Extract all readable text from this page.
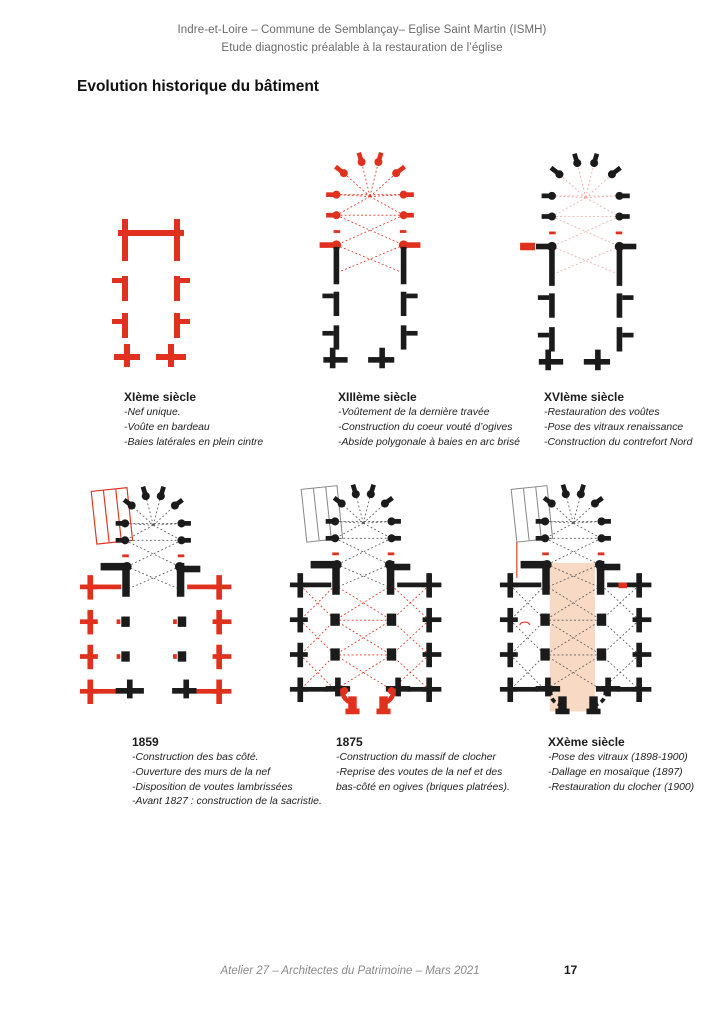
Indre-et-Loire – Commune de Semblançay– Eglise Saint Martin (ISMH)
Etude diagnostic préalable à la restauration de l’église
Evolution historique du bâtiment
XIème siècle
-Nef unique.
-Voûte en bardeau
-Baies latérales en plein cintre
XIIIème siècle
-Voûtement de la dernière travée
-Construction du coeur vouté d’ogives
-Abside polygonale à baies en arc brisé
XVIème siècle
-Restauration des voûtes
-Pose des vitraux renaissance
-Construction du contrefort Nord
1859
-Construction des bas côté.
-Ouverture des murs de la nef
-Disposition de voutes lambrissées
-Avant 1827 : construction de la sacristie.
1875
-Construction du massif de clocher
-Reprise des voutes de la nef et des bas-côté en ogives (briques platrées).
XXème siècle
-Pose des vitraux (1898-1900)
-Dallage en mosaïque (1897)
-Restauration du clocher (1900)
Atelier 27 – Architectes du Patrimoine – Mars 2021	17
